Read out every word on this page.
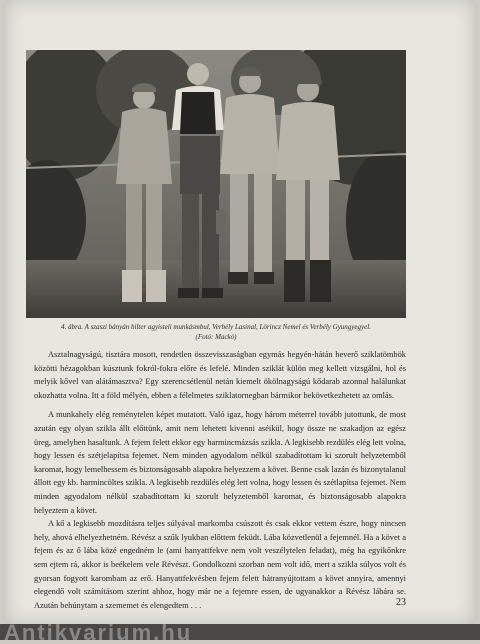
4. ábra. A szaszi bányán bilter agyisteli munkásmbul, Verbély Lasinal, Lörincz Nemel és Verbély Gyungyegyel.
(Fotó: Mackó)

Asztalnagyságú, tisztára mosott, rendetlen összevisszaságban egymás hegyén-hátán heverő sziklatömbök közötti hézagokban kúsztunk fokról-fokra előre és lefelé. Minden sziklát külön meg kellett vizsgálni, hol és melyik kővel van alátámasztva? Egy szerencsétlenül netán kiemelt ökölnagyságú kődarab azonnal halálunkat okozhatta volna. Itt a föld mélyén, ebben a félelmetes sziklatornegban bármikor bekövetkezhetett az omlás.

A munkahely elég reménytelen képet mutatott. Való igaz, hogy három méterrel tovább jutottunk, de most azután egy olyan szikla állt előttünk, amit nem lehetett kivenni aséikül, hogy össze ne szakadjon az egész üreg, amelyben hasaltunk. A fejem felett ekkor egy harmincmázsás szikla. A legkisebb rezdülés elég lett volna, hogy lessen és szétjelapítsa fejemet. Nem minden agyodalom nélkül szabadítottam ki szorult helyzetemből karomat, hogy lemelhessem és biztonságosabb alapokra helyezzem a követ. Benne csak lazán és bizonytalanul állott egy kb. harmincöltes szikla. A legkisebb rezdülés elég lett volna, hogy lessen és szétlapítsa fejemet. Nem minden agyodalom nélkül szabadítottam ki szorult helyzetemből karomat, és biztonságosabb alapokra helyeztem a követ.

A kő a legkisebb mozdításra teljes súlyával markomba csúszott és csak ekkor vettem észre, hogy nincsen hely, ahová elhelyezhetném. Révész a szűk lyukban előttem feküdt. Lába közvetlenül a fejemnél. Ha a követ a fejem és az ő lába közé engedném le (ami hanyattfekve nem volt veszélytelen feladat), még ha egyikőnkre sem ejtem rá, akkor is beékelem vele Révészt. Gondolkozni szorban nem volt idő, mert a szikla súlyos volt és gyorsan fogyott karombam az erő. Hanyattfekvésben fejem felett hátranyújtottam a követ annyira, amennyi elegendő volt számításom szerint ahhoz, hogy már ne a fejemre essen, de ugyanakkor a Révész lábára se. Azután behúnytam a szememet és elengedtem . . .	23
Antikvarium.hu
